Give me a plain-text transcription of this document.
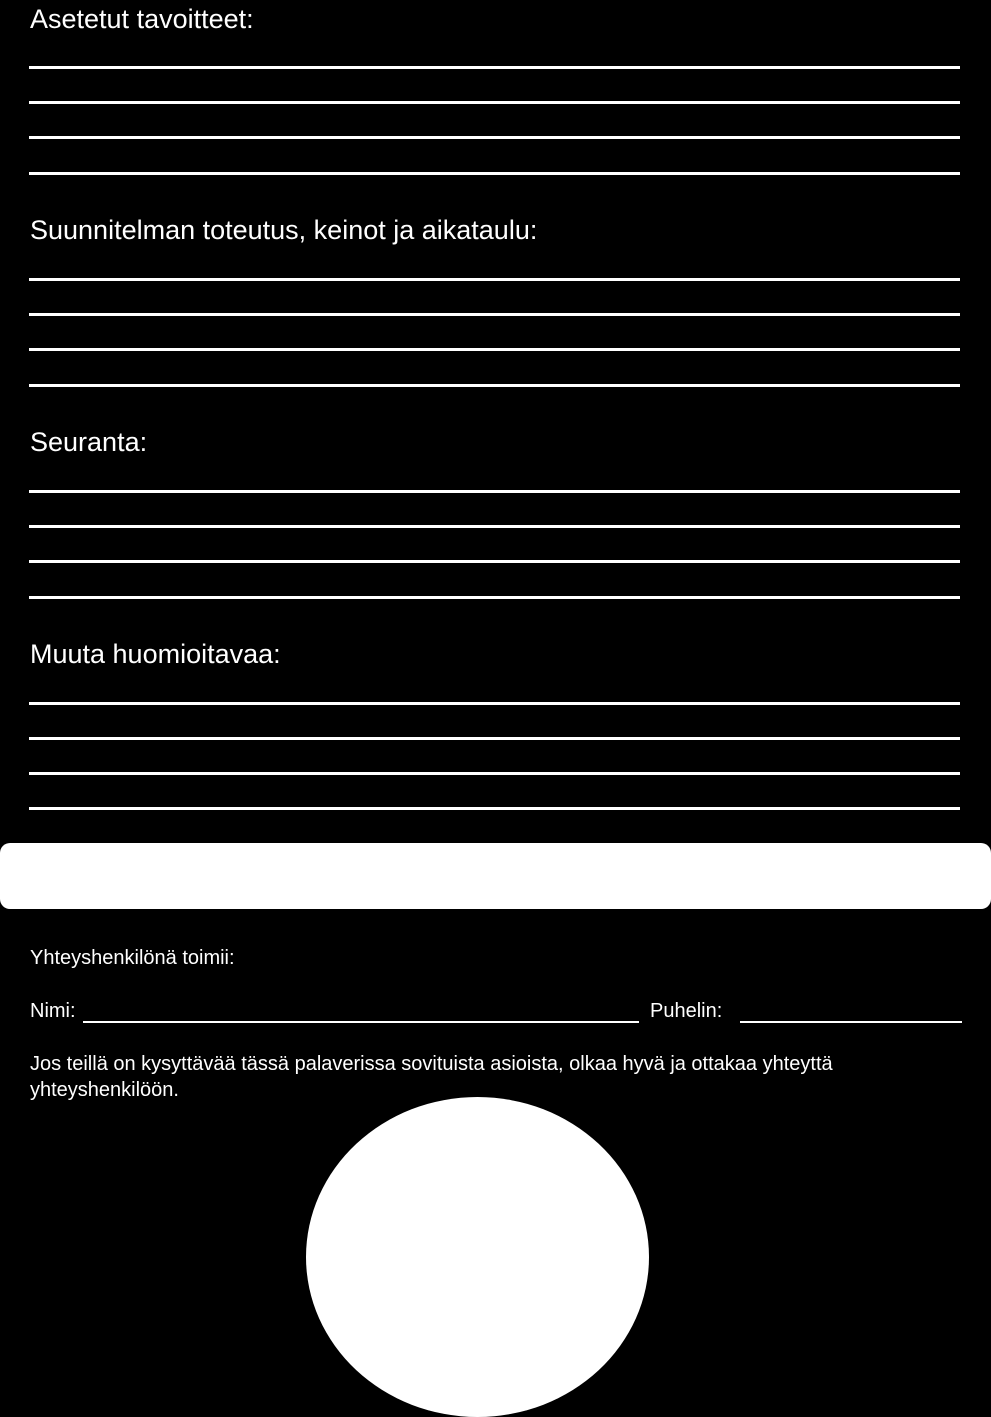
Asetetut tavoitteet:
Suunnitelman toteutus, keinot ja aikataulu:
Seuranta:
Muuta huomioitavaa:
Yhteyshenkilönä toimii:
Nimi:	Puhelin:
Jos teillä on kysyttävää tässä palaverissa sovituista asioista, olkaa hyvä ja ottakaa yhteyttä yhteyshenkilöön.
